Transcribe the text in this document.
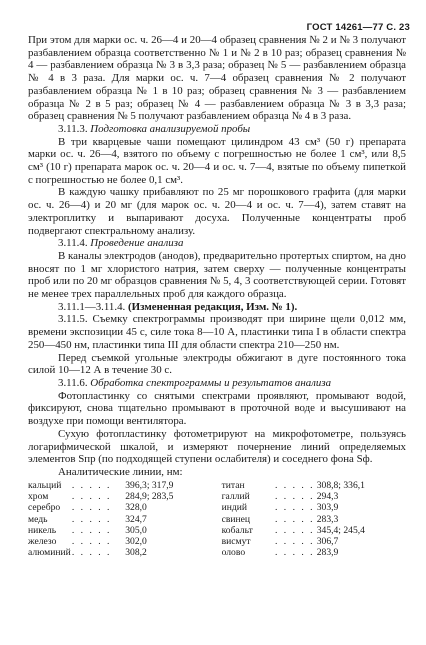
ГОСТ 14261—77 С. 23

При этом для марки ос. ч. 26—4 и 20—4 образец сравнения № 2 и № 3 получают разбавлением образца соответственно № 1 и № 2 в 10 раз; образец сравнения № 4 — разбавлением образца № 3 в 3,3 раза; образец № 5 — разбавлением образца № 4 в 3 раза. Для марки ос. ч. 7—4 образец сравнения № 2 получают разбавлением образца № 1 в 10 раз; образец сравнения № 3 — разбавлением образца № 2 в 5 раз; образец № 4 — разбавлением образца № 3 в 3,3 раза; образец сравнения № 5 получают разбавлением образца № 4 в 3 раза.

3.11.3. Подготовка анализируемой пробы

В три кварцевые чаши помещают цилиндром 43 см³ (50 г) препарата марки ос. ч. 26—4, взятого по объему с погрешностью не более 1 см³, или 8,5 см³ (10 г) препарата марок ос. ч. 20—4 и ос. ч. 7—4, взятые по объему пипеткой с погрешностью не более 0,1 см³.

В каждую чашку прибавляют по 25 мг порошкового графита (для марки ос. ч. 26—4) и 20 мг (для марок ос. ч. 20—4 и ос. ч. 7—4), затем ставят на электроплитку и выпаривают досуха. Полученные концентраты проб подвергают спектральному анализу.

3.11.4. Проведение анализа

В каналы электродов (анодов), предварительно протертых спиртом, на дно вносят по 1 мг хлористого натрия, затем сверху — полученные концентраты проб или по 20 мг образцов сравнения № 5, 4, 3 соответствующей серии. Готовят не менее трех параллельных проб для каждого образца.

3.11.1—3.11.4. (Измененная редакция, Изм. № 1).

3.11.5. Съемку спектрограммы производят при ширине щели 0,012 мм, времени экспозиции 45 с, силе тока 8—10 А, пластинки типа I в области спектра 250—450 нм, пластинки типа III для области спектра 210—250 нм.

Перед съемкой угольные электроды обжигают в дуге постоянного тока силой 10—12 А в течение 30 с.

3.11.6. Обработка спектрограммы и результатов анализа

Фотопластинку со снятыми спектрами проявляют, промывают водой, фиксируют, снова тщательно промывают в проточной воде и высушивают на воздухе при помощи вентилятора.

Сухую фотопластинку фотометрируют на микрофотометре, пользуясь логарифмической шкалой, и измеряют почернение линий определяемых элементов Sпр (по подходящей ступени ослабителя) и соседнего фона Sф.

Аналитические линии, нм:

кальций	. . . . .	396,3; 317,9		титан	. . . . .	308,8; 336,1
хром	. . . . .	284,9; 283,5		галлий	. . . . .	294,3
серебро	. . . . .	328,0		индий	. . . . .	303,9
медь	. . . . .	324,7		свинец	. . . . .	283,3
никель	. . . . .	305,0		кобальт	. . . . .	345,4; 245,4
железо	. . . . .	302,0		висмут	. . . . .	306,7
алюминий	. . . . .	308,2		олово	. . . . .	283,9
